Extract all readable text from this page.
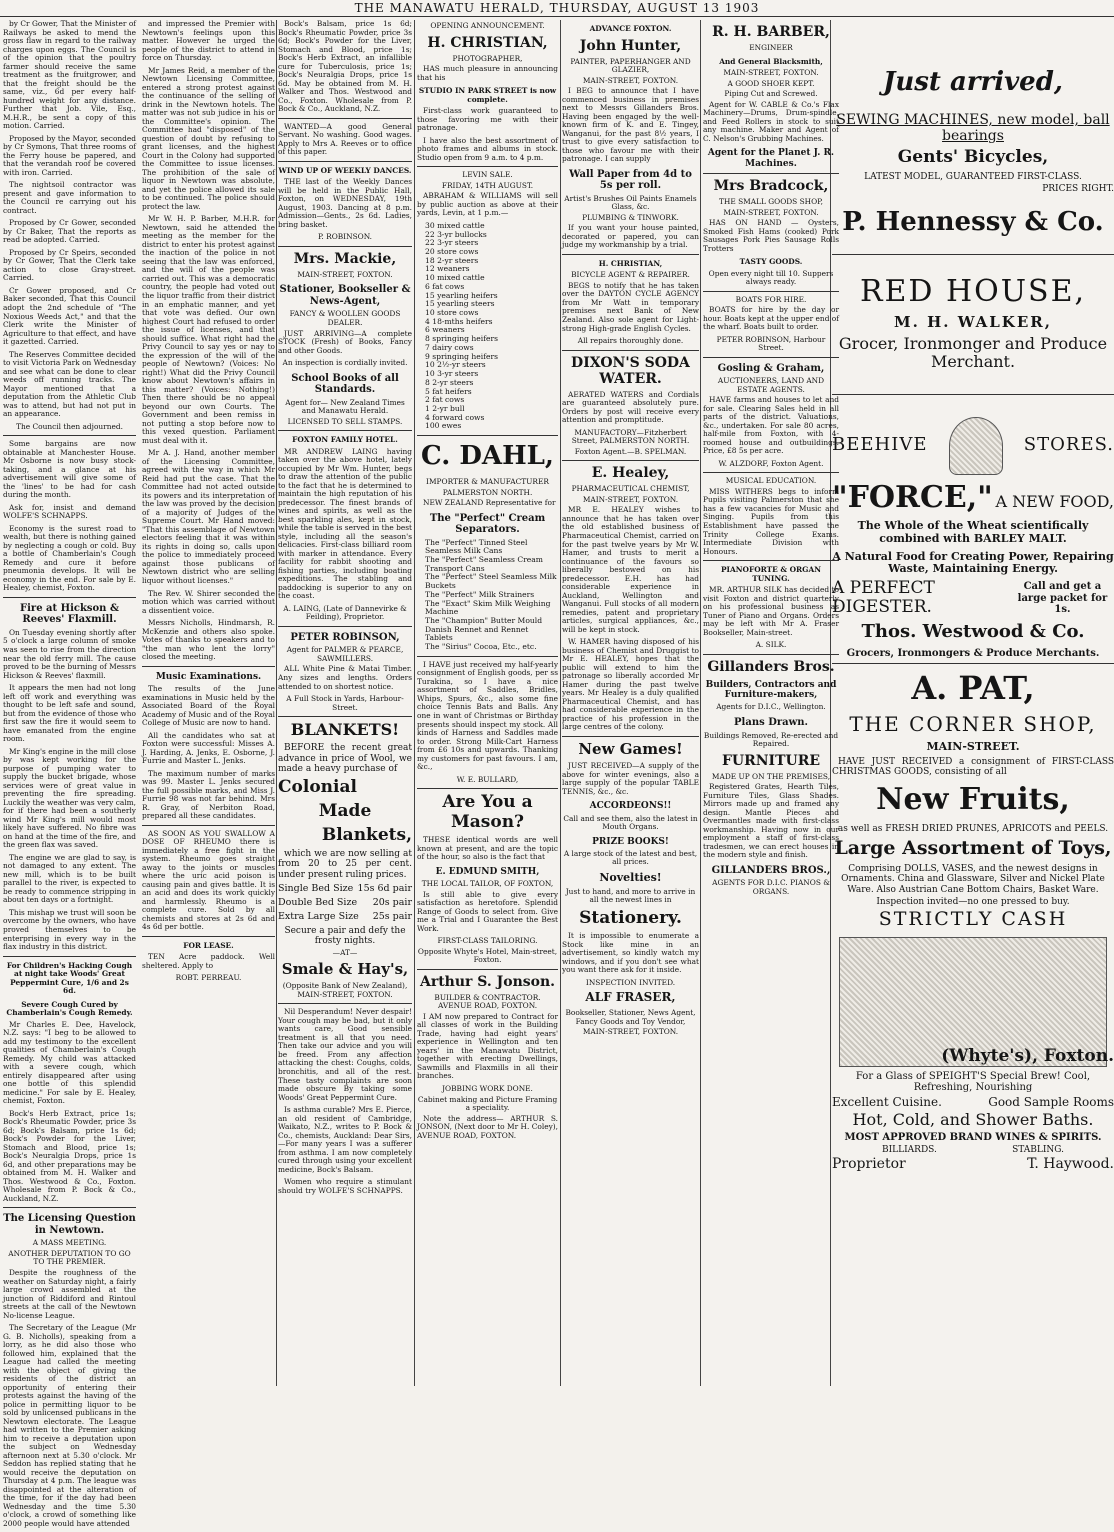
THE MANAWATU HERALD, THURSDAY, AUGUST 13 1903

by Cr Gower, That the Minister of Railways be asked to mend the gross flaw in regard to the railway charges upon eggs. The Council is of the opinion that the poultry farmer should receive the same treatment as the fruitgrower, and that the freight should be the same, viz., 6d per every half-hundred weight for any distance. Further that Job. Vile, Esq., M.H.R., be sent a copy of this motion. Carried.

Proposed by the Mayor, seconded by Cr Symons, That three rooms of the Ferry house be papered, and that the verandah roof be covered with iron. Carried.

The nightsoil contractor was present and gave information to the Council re carrying out his contract.

Proposed by Cr Gower, seconded by Cr Baker, That the reports as read be adopted. Carried.

Proposed by Cr Speirs, seconded by Cr Gower, That the Clerk take action to close Gray-street. Carried.

Cr Gower proposed, and Cr Baker seconded, That this Council adopt the 2nd schedule of "The Noxious Weeds Act," and that the Clerk write the Minister of Agriculture to that effect, and have it gazetted. Carried.

The Reserves Committee decided to visit Victoria Park on Wednesday and see what can be done to clear weeds off running tracks. The Mayor mentioned that a deputation from the Athletic Club was to attend, but had not put in an appearance.

The Council then adjourned.

Some bargains are now obtainable at Manchester House. Mr Osborne is now busy stock-taking, and a glance at his advertisement will give some of the 'lines' to be had for cash during the month.

Ask for, insist and demand WOLFE'S SCHNAPPS.

Economy is the surest road to wealth, but there is nothing gained by neglecting a cough or cold. Buy a bottle of Chamberlain's Cough Remedy and cure it before pneumonia develops. It will be economy in the end. For sale by E. Healey, chemist, Foxton.

Fire at Hickson & Reeves' Flaxmill.

On Tuesday evening shortly after 5 o'clock a large column of smoke was seen to rise from the direction near the old ferry mill. The cause proved to be the burning of Messrs Hickson & Reeves' flaxmill.

It appears the men had not long left off work and everything was thought to be left safe and sound, but from the evidence of those who first saw the fire it would seem to have emanated from the engine room.

Mr King's engine in the mill close by was kept working for the purpose of pumping water to supply the bucket brigade, whose services were of great value in preventing the fire spreading. Luckily the weather was very calm, for if there had been a southerly wind Mr King's mill would most likely have suffered. No fibre was on hand at the time of the fire, and the green flax was saved.

The engine we are glad to say, is not damaged to any extent. The new mill, which is to be built parallel to the river, is expected to be ready to commence stripping in about ten days or a fortnight.

This mishap we trust will soon be overcome by the owners, who have proved themselves to be enterprising in every way in the flax industry in this district.

For Children's Hacking Cough at night take Woods' Great Peppermint Cure, 1/6 and 2s 6d.
Severe Cough Cured by Chamberlain's Cough Remedy.

Mr Charles E. Dee, Havelock, N.Z. says: "I beg to be allowed to add my testimony to the excellent qualities of Chamberlain's Cough Remedy. My child was attacked with a severe cough, which entirely disappeared after using one bottle of this splendid medicine." For sale by E. Healey, chemist, Foxton.

Bock's Herb Extract, price 1s; Bock's Rheumatic Powder, price 3s 6d; Bock's Balsam, price 1s 6d; Bock's Powder for the Liver, Stomach and Blood, price 1s; Bock's Neuralgia Drops, price 1s 6d, and other preparations may be obtained from M. H. Walker and Thos. Westwood & Co., Foxton. Wholesale from P. Bock & Co., Auckland, N.Z.

The Licensing Question in Newtown.
A MASS MEETING.
ANOTHER DEPUTATION TO GO TO THE PREMIER.

Despite the roughness of the weather on Saturday night, a fairly large crowd assembled at the junction of Riddiford and Rintoul streets at the call of the Newtown No-license League.

The Secretary of the League (Mr G. B. Nicholls), speaking from a lorry, as he did also those who followed him, explained that the League had called the meeting with the object of giving the residents of the district an opportunity of entering their protests against the having of the police in permitting liquor to be sold by unlicensed publicans in the Newtown electorate. The League had written to the Premier asking him to receive a deputation upon the subject on Wednesday afternoon next at 5.30 o'clock. Mr Seddon has replied stating that he would receive the deputation on Thursday at 4 p.m. The league was disappointed at the alteration of the time, for if the day had been Wednesday and the time 5.30 o'clock, a crowd of something like 2000 people would have attended

and impressed the Premier with Newtown's feelings upon this matter. However he urged the people of the district to attend in force on Thursday.

Mr James Reid, a member of the Newtown Licensing Committee, entered a strong protest against the continuance of the selling of drink in the Newtown hotels. The matter was not sub judice in his or the Committee's opinion. The Committee had "disposed" of the question of doubt by refusing to grant licenses, and the highest Court in the Colony had supported the Committee to issue licenses. The prohibition of the sale of liquor in Newtown was absolute, and yet the police allowed its sale to be continued. The police should protect the law.

Mr W. H. P. Barber, M.H.R. for Newtown, said he attended the meeting as the member for the district to enter his protest against the inaction of the police in not seeing that the law was enforced, and the will of the people was carried out. This was a democratic country, the people had voted out the liquor traffic from their district in an emphatic manner, and yet that vote was defied. Our own highest Court had refused to order the issue of licenses, and that should suffice. What right had the Privy Council to say yes or nay to the expression of the will of the people of Newtown? (Voices: No right!) What did the Privy Council know about Newtown's affairs in this matter? (Voices: Nothing!) Then there should be no appeal beyond our own Courts. The Government and been remiss in not putting a stop before now to this vexed question. Parliament must deal with it.

Mr A. J. Hand, another member of the Licensing Committee, agreed with the way in which Mr Reid had put the case. That the Committee had not acted outside its powers and its interpretation of the law was proved by the decision of a majority of Judges of the Supreme Court. Mr Hand moved: "That this assemblage of Newtown electors feeling that it was within its rights in doing so, calls upon the police to immediately proceed against those publicans of Newtown district who are selling liquor without licenses."

The Rev. W. Shirer seconded the motion which was carried without a dissentient voice.

Messrs Nicholls, Hindmarsh, R. McKenzie and others also spoke. Votes of thanks to speakers and to "the man who lent the lorry" closed the meeting.

Music Examinations.

The results of the June examinations in Music held by the Associated Board of the Royal Academy of Music and of the Royal College of Music are now to hand.

All the candidates who sat at Foxton were successful: Misses A. J. Harding, A. Jenks, E. Osborne, J. Furrie and Master L. Jenks.

The maximum number of marks was 99. Master L. Jenks secured the full possible marks, and Miss J. Furrie 98 was not far behind. Mrs R. Gray, of Nerbiton Road, prepared all these candidates.

AS SOON AS YOU SWALLOW A DOSE OF RHEUMO there is immediately a free fight in the system. Rheumo goes straight away to the joints or muscles where the uric acid poison is causing pain and gives battle. It is an acid and does its work quickly and harmlessly. Rheumo is a complete cure. Sold by all chemists and stores at 2s 6d and 4s 6d per bottle.

FOR LEASE.

TEN Acre paddock. Well sheltered. Apply to

ROBT. PERREAU.

Bock's Balsam, price 1s 6d; Bock's Rheumatic Powder, price 3s 6d; Bock's Powder for the Liver, Stomach and Blood, price 1s; Bock's Herb Extract, an infallible cure for Tuberculosis, price 1s; Bock's Neuralgia Drops, price 1s 6d. May be obtained from M. H. Walker and Thos. Westwood and Co., Foxton. Wholesale from P. Bock & Co., Auckland, N.Z.

WANTED—A good General Servant. No washing. Good wages. Apply to Mrs A. Reeves or to office of this paper.

WIND UP OF WEEKLY DANCES.

THE last of the Weekly Dances will be held in the Public Hall, Foxton, on WEDNESDAY, 19th August, 1903. Dancing at 8 p.m. Admission—Gents., 2s 6d. Ladies, bring basket.

P. ROBINSON.
Mrs. Mackie,
MAIN-STREET, FOXTON.
Stationer, Bookseller & News-Agent,
FANCY & WOOLLEN GOODS DEALER.

JUST ARRIVING—A complete STOCK (Fresh) of Books, Fancy and other Goods.

An inspection is cordially invited.
School Books of all Standards.
Agent for— New Zealand Times and Manawatu Herald.
LICENSED TO SELL STAMPS.
FOXTON FAMILY HOTEL.

MR ANDREW LAING having taken over the above hotel, lately occupied by Mr Wm. Hunter, begs to draw the attention of the public to the fact that he is determined to maintain the high reputation of his predecessor. The finest brands of wines and spirits, as well as the best sparkling ales, kept in stock, while the table is served in the best style, including all the season's delicacies. First-class billiard room with marker in attendance. Every facility for rabbit shooting and fishing parties, including boating expeditions. The stabling and paddocking is superior to any on the coast.

A. LAING, (Late of Dannevirke & Feilding), Proprietor.
PETER ROBINSON,
Agent for PALMER & PEARCE, SAWMILLERS.

ALL White Pine & Matai Timber. Any sizes and lengths. Orders attended to on shortest notice.

A Full Stock in Yards, Harbour-Street.
BLANKETS!

BEFORE the recent great advance in price of Wool, we made a heavy purchase of

Colonial
Made
Blankets,

which we are now selling at from 20 to 25 per cent. under present ruling prices.

Single Bed Size 15s 6d pair
Double Bed Size 20s pair
Extra Large Size 25s pair

Secure a pair and defy the frosty nights.

—AT—
Smale & Hay's,
(Opposite Bank of New Zealand), MAIN-STREET, FOXTON.

Nil Desperandum! Never despair! Your cough may be bad, but it only wants care, Good sensible treatment is all that you need. Then take our advice and you will be freed. From any affection attacking the chest: Coughs, colds, bronchitis, and all of the rest. These tasty complaints are soon made obscure By taking some Woods' Great Peppermint Cure.

Is asthma curable? Mrs E. Pierce, an old resident of Cambridge, Waikato, N.Z., writes to P. Bock & Co., chemists, Auckland: Dear Sirs,—For many years I was a sufferer from asthma. I am now completely cured through using your excellent medicine, Bock's Balsam.

Women who require a stimulant should try WOLFE'S SCHNAPPS.

OPENING ANNOUNCEMENT.
H. CHRISTIAN,
PHOTOGRAPHER,

HAS much pleasure in announcing that his

STUDIO IN PARK STREET is now complete.

First-class work guaranteed to those favoring me with their patronage.

I have also the best assortment of photo frames and albums in stock. Studio open from 9 a.m. to 4 p.m.

LEVIN SALE.
FRIDAY, 14TH AUGUST.

ABRAHAM & WILLIAMS will sell by public auction as above at their yards, Levin, at 1 p.m.—

30 mixed cattle
22 3-yr bullocks
22 3-yr steers
20 store cows
18 2-yr steers
12 weaners
10 mixed cattle
6 fat cows
15 yearling heifers
15 yearling steers
10 store cows
4 18-mths heifers
6 weaners
8 springing heifers
7 dairy cows
9 springing heifers
10 2½-yr steers
10 3-yr steers
8 2-yr steers
5 fat heifers
2 fat cows
1 2-yr bull
4 forward cows
100 ewes
C. DAHL,
IMPORTER & MANUFACTURER
PALMERSTON NORTH.

NEW ZEALAND Representative for

The "Perfect" Cream Separators.
The "Perfect" Tinned Steel Seamless Milk Cans
The "Perfect" Seamless Cream Transport Cans
The "Perfect" Steel Seamless Milk Buckets
The "Perfect" Milk Strainers
The "Exact" Skim Milk Weighing Machine
The "Champion" Butter Mould
Danish Rennet and Rennet Tablets
The "Sirius" Cocoa, Etc., etc.

I HAVE just received my half-yearly consignment of English goods, per ss Turakina, so I have a nice assortment of Saddles, Bridles, Whips, Spurs, &c., also some fine choice Tennis Bats and Balls. Any one in want of Christmas or Birthday presents should inspect my stock. All kinds of Harness and Saddles made to order. Strong Milk-Cart Harness from £6 10s and upwards. Thanking my customers for past favours. I am, &c.,

W. E. BULLARD,
Are You a Mason?

THESE identical words are well known at present, and are the topic of the hour, so also is the fact that

E. EDMUND SMITH,
THE LOCAL TAILOR, OF FOXTON,

Is still able to give every satisfaction as heretofore. Splendid Range of Goods to select from. Give me a Trial and I Guarantee the Best Work.

FIRST-CLASS TAILORING.
Opposite Whyte's Hotel, Main-street, Foxton.
Arthur S. Jonson.
BUILDER & CONTRACTOR. AVENUE ROAD, FOXTON.

I AM now prepared to Contract for all classes of work in the Building Trade, having had eight years' experience in Wellington and ten years' in the Manawatu District, together with erecting Dwellings, Sawmills and Flaxmills in all their branches.

JOBBING WORK DONE.
Cabinet making and Picture Framing a speciality.

Note the address— ARTHUR S. JONSON, (Next door to Mr H. Coley), AVENUE ROAD, FOXTON.

ADVANCE FOXTON.
John Hunter,
PAINTER, PAPERHANGER AND GLAZIER,
MAIN-STREET, FOXTON.

I BEG to announce that I have commenced business in premises next to Messrs Gillanders Bros. Having been engaged by the well-known firm of K. and E. Tingey, Wanganui, for the past 8½ years, I trust to give every satisfaction to those who favour me with their patronage. I can supply

Wall Paper from 4d to 5s per roll.
Artist's Brushes Oil Paints Enamels Glass, &c.
PLUMBING & TINWORK.

If you want your house painted, decorated or papered, you can judge my workmanship by a trial.

H. CHRISTIAN,
BICYCLE AGENT & REPAIRER.

BEGS to notify that he has taken over the DAYTON CYCLE AGENCY from Mr Watt in temporary premises next Bank of New Zealand. Also sole agent for Light-strong High-grade English Cycles.

All repairs thoroughly done.
DIXON'S SODA WATER.

AERATED WATERS and Cordials are guaranteed absolutely pure. Orders by post will receive every attention and promptitude.

MANUFACTORY—Fitzherbert Street, PALMERSTON NORTH.
Foxton Agent.—B. SPELMAN.
E. Healey,
PHARMACEUTICAL CHEMIST,
MAIN-STREET, FOXTON.

MR E. HEALEY wishes to announce that he has taken over the old established business of Pharmaceutical Chemist, carried on for the past twelve years by Mr W. Hamer, and trusts to merit a continuance of the favours so liberally bestowed on his predecessor. E.H. has had considerable experience in Auckland, Wellington and Wanganui. Full stocks of all modern remedies, patent and proprietary articles, surgical appliances, &c., will be kept in stock.

W. HAMER having disposed of his business of Chemist and Druggist to Mr E. HEALEY, hopes that the public will extend to him the patronage so liberally accorded Mr Hamer during the past twelve years. Mr Healey is a duly qualified Pharmaceutical Chemist, and has had considerable experience in the practice of his profession in the large centres of the colony.

New Games!

JUST RECEIVED—A supply of the above for winter evenings, also a large supply of the popular TABLE TENNIS, &c., &c.

ACCORDEONS!!
Call and see them, also the latest in Mouth Organs.
PRIZE BOOKS!
A large stock of the latest and best, all prices.
Novelties!
Just to hand, and more to arrive in all the newest lines in
Stationery.

It is impossible to enumerate a Stock like mine in an advertisement, so kindly watch my windows, and if you don't see what you want there ask for it inside.

INSPECTION INVITED.
ALF FRASER,
Bookseller, Stationer, News Agent, Fancy Goods and Toy Vendor,
MAIN-STREET, FOXTON.
R. H. BARBER,
ENGINEER
And General Blacksmith,
MAIN-STREET, FOXTON.
A GOOD SHOER KEPT.
Piping Cut and Screwed.

Agent for W. CABLE & Co.'s Flax Machinery—Drums, Drum-spindle, and Feed Rollers in stock to suit any machine. Maker and Agent of C. Nelson's Grubbing Machines.

Agent for the Planet J. R. Machines.
Mrs Bradcock,
THE SMALL GOODS SHOP,
MAIN-STREET, FOXTON.

HAS ON HAND — Oysters, Smoked Fish Hams (cooked) Pork Sausages Pork Pies Sausage Rolls Trotters

TASTY GOODS.
Open every night till 10. Suppers always ready.
BOATS FOR HIRE.

BOATS for hire by the day or hour. Boats kept at the upper end of the wharf. Boats built to order.

PETER ROBINSON, Harbour Street.
Gosling & Graham,
AUCTIONEERS, LAND AND ESTATE AGENTS.

HAVE farms and houses to let and for sale. Clearing Sales held in all parts of the district. Valuations, &c., undertaken. For sale 80 acres, half-mile from Foxton, with 4-roomed house and outbuildings. Price, £8 5s per acre.

W. ALZDORF, Foxton Agent.
MUSICAL EDUCATION.

MISS WITHERS begs to inform Pupils visiting Palmerston that she has a few vacancies for Music and Singing. Pupils from this Establishment have passed the Trinity College Exams. Intermediate Division with Honours.

PIANOFORTE & ORGAN TUNING.

MR. ARTHUR SILK has decided to visit Foxton and district quarterly on his professional business as Tuner of Piano and Organs. Orders may be left with Mr A. Fraser Bookseller, Main-street.

A. SILK.
Gillanders Bros.
Builders, Contractors and Furniture-makers,
Agents for D.I.C., Wellington.
Plans Drawn.
Buildings Removed, Re-erected and Repaired.
FURNITURE
MADE UP ON THE PREMISES,

Registered Grates, Hearth Tiles, Furniture Tiles, Glass Shades. Mirrors made up and framed any design. Mantle Pieces and Overmantles made with first-class workmanship. Having now in our employment a staff of first-class tradesmen, we can erect houses in the modern style and finish.

GILLANDERS BROS.,
AGENTS FOR D.I.C. PIANOS & ORGANS.
Just arrived,
SEWING MACHINES, new model, ball bearings
Gents' Bicycles,
LATEST MODEL, GUARANTEED FIRST-CLASS.
PRICES RIGHT.
P. Hennessy & Co.
RED HOUSE,
M. H. WALKER,
Grocer, Ironmonger and Produce Merchant.
BEEHIVE	STORES.
"FORCE," A NEW FOOD,
The Whole of the Wheat scientifically combined with BARLEY MALT.
A Natural Food for Creating Power, Repairing Waste, Maintaining Energy.
A PERFECT DIGESTER.
Call and get a large packet for 1s.
Thos. Westwood & Co.
Grocers, Ironmongers & Produce Merchants.
A. PAT,
THE CORNER SHOP,
MAIN-STREET.

HAVE JUST RECEIVED a consignment of FIRST-CLASS CHRISTMAS GOODS, consisting of all

New Fruits,
as well as FRESH DRIED PRUNES, APRICOTS and PEELS.
Large Assortment of Toys,
Comprising DOLLS, VASES, and the newest designs in Ornaments. China and Glassware, Silver and Nickel Plate Ware. Also Austrian Cane Bottom Chairs, Basket Ware.
Inspection invited—no one pressed to buy.
STRICTLY CASH
(Whyte's), Foxton.
For a Glass of SPEIGHT'S Special Brew! Cool, Refreshing, Nourishing
Excellent Cuisine.	Good Sample Rooms
Hot, Cold, and Shower Baths.
MOST APPROVED BRAND WINES & SPIRITS.
BILLIARDS.	STABLING.
Proprietor	T. Haywood.
